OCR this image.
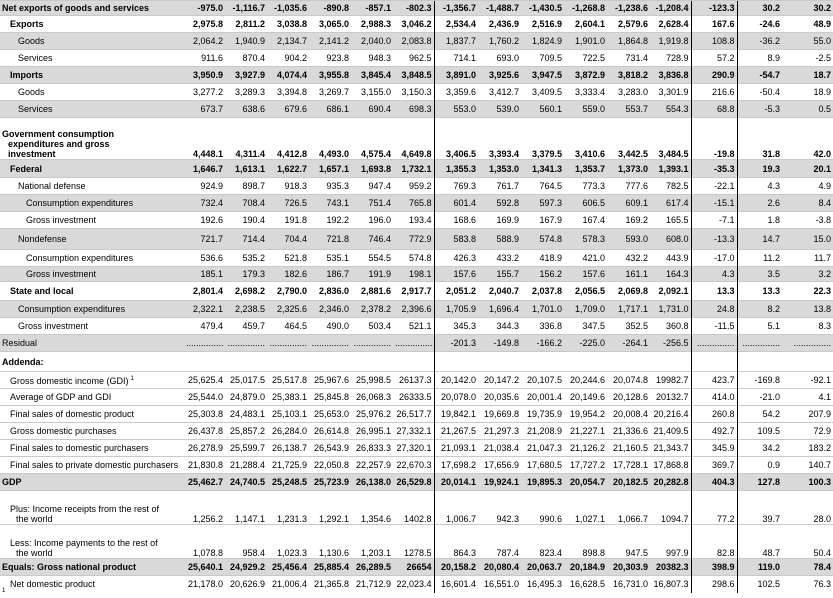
Net exports of goods and services	-975.0	-1,116.7	-1,035.6	-890.8	-857.1	-802.3	-1,356.7	-1,488.7	-1,430.5	-1,268.8	-1,238.6	-1,208.4	-123.3	30.2	30.2
Exports	2,975.8	2,811.2	3,038.8	3,065.0	2,988.3	3,046.2	2,534.4	2,436.9	2,516.9	2,604.1	2,579.6	2,628.4	167.6	-24.6	48.9
Goods	2,064.2	1,940.9	2,134.7	2,141.2	2,040.0	2,083.8	1,837.7	1,760.2	1,824.9	1,901.0	1,864.8	1,919.8	108.8	-36.2	55.0
Services	911.6	870.4	904.2	923.8	948.3	962.5	714.1	693.0	709.5	722.5	731.4	728.9	57.2	8.9	-2.5
Imports	3,950.9	3,927.9	4,074.4	3,955.8	3,845.4	3,848.5	3,891.0	3,925.6	3,947.5	3,872.9	3,818.2	3,836.8	290.9	-54.7	18.7
Goods	3,277.2	3,289.3	3,394.8	3,269.7	3,155.0	3,150.3	3,359.6	3,412.7	3,409.5	3,333.4	3,283.0	3,301.9	216.6	-50.4	18.9
Services	673.7	638.6	679.6	686.1	690.4	698.3	553.0	539.0	560.1	559.0	553.7	554.3	68.8	-5.3	0.5

Government consumption
expenditures and gross
investment	4,448.1	4,311.4	4,412.8	4,493.0	4,575.4	4,649.8	3,406.5	3,393.4	3,379.5	3,410.6	3,442.5	3,484.5	-19.8	31.8	42.0
Federal	1,646.7	1,613.1	1,622.7	1,657.1	1,693.8	1,732.1	1,355.3	1,353.0	1,341.3	1,353.7	1,373.0	1,393.1	-35.3	19.3	20.1
National defense	924.9	898.7	918.3	935.3	947.4	959.2	769.3	761.7	764.5	773.3	777.6	782.5	-22.1	4.3	4.9
Consumption expenditures	732.4	708.4	726.5	743.1	751.4	765.8	601.4	592.8	597.3	606.5	609.1	617.4	-15.1	2.6	8.4
Gross investment	192.6	190.4	191.8	192.2	196.0	193.4	168.6	169.9	167.9	167.4	169.2	165.5	-7.1	1.8	-3.8
Nondefense	721.7	714.4	704.4	721.8	746.4	772.9	583.8	588.9	574.8	578.3	593.0	608.0	-13.3	14.7	15.0
Consumption expenditures	536.6	535.2	521.8	535.1	554.5	574.8	426.3	433.2	418.9	421.0	432.2	443.9	-17.0	11.2	11.7
Gross investment	185.1	179.3	182.6	186.7	191.9	198.1	157.6	155.7	156.2	157.6	161.1	164.3	4.3	3.5	3.2
State and local	2,801.4	2,698.2	2,790.0	2,836.0	2,881.6	2,917.7	2,051.2	2,040.7	2,037.8	2,056.5	2,069.8	2,092.1	13.3	13.3	22.3
Consumption expenditures	2,322.1	2,238.5	2,325.6	2,346.0	2,378.2	2,396.6	1,705.9	1,696.4	1,701.0	1,709.0	1,717.1	1,731.0	24.8	8.2	13.8
Gross investment	479.4	459.7	464.5	490.0	503.4	521.1	345.3	344.3	336.8	347.5	352.5	360.8	-11.5	5.1	8.3
Residual	...............	...............	...............	...............	...............	...............	-201.3	-149.8	-166.2	-225.0	-264.1	-256.5	...............	...............	...............
Addenda:															
Gross domestic income (GDI) $^1$	25,625.4	25,017.5	25,517.8	25,967.6	25,998.5	26137.3	20,142.0	20,147.2	20,107.5	20,244.6	20,074.8	19982.7	423.7	-169.8	-92.1
Average of GDP and GDI	25,544.0	24,879.0	25,383.1	25,845.8	26,068.3	26333.5	20,078.0	20,035.6	20,001.4	20,149.6	20,128.6	20132.7	414.0	-21.0	4.1
Final sales of domestic product	25,303.8	24,483.1	25,103.1	25,653.0	25,976.2	26,517.7	19,842.1	19,669.8	19,735.9	19,954.2	20,008.4	20,216.4	260.8	54.2	207.9
Gross domestic purchases	26,437.8	25,857.2	26,284.0	26,614.8	26,995.1	27,332.1	21,267.5	21,297.3	21,208.9	21,227.1	21,336.6	21,409.5	492.7	109.5	72.9
Final sales to domestic purchasers	26,278.9	25,599.7	26,138.7	26,543.9	26,833.3	27,320.1	21,093.1	21,038.4	21,047.3	21,126.2	21,160.5	21,343.7	345.9	34.2	183.2
Final sales to private domestic purchasers	21,830.8	21,288.4	21,725.9	22,050.8	22,257.9	22,670.3	17,698.2	17,656.9	17,680.5	17,727.2	17,728.1	17,868.8	369.7	0.9	140.7
GDP	25,462.7	24,740.5	25,248.5	25,723.9	26,138.0	26,529.8	20,014.1	19,924.1	19,895.3	20,054.7	20,182.5	20,282.8	404.3	127.8	100.3

Plus: Income receipts from the rest of
the world	1,256.2	1,147.1	1,231.3	1,292.1	1,354.6	1402.8	1,006.7	942.3	990.6	1,027.1	1,066.7	1094.7	77.2	39.7	28.0

Less: Income payments to the rest of
the world	1,078.8	958.4	1,023.3	1,130.6	1,203.1	1278.5	864.3	787.4	823.4	898.8	947.5	997.9	82.8	48.7	50.4
Equals: Gross national product	25,640.1	24,929.2	25,456.4	25,885.4	26,289.5	26654	20,158.2	20,080.4	20,063.7	20,184.9	20,303.9	20382.3	398.9	119.0	78.4
Net domestic product	21,178.0	20,626.9	21,006.4	21,365.8	21,712.9	22,023.4	16,601.4	16,551.0	16,495.3	16,628.5	16,731.0	16,807.3	298.6	102.5	76.3
1
